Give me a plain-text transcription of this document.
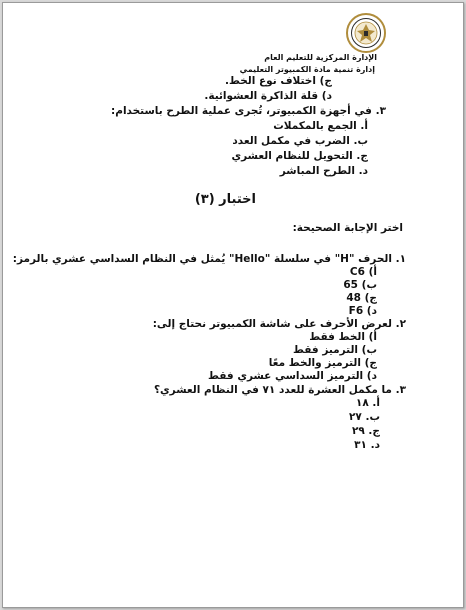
الإدارة المركزية للتعليم العام
إدارة تنمية مادة الكمبيوتر التعليمي
ج) اختلاف نوع الخط.
د) قلة الذاكرة العشوائية.
٣. في أجهزة الكمبيوتر، تُجرى عملية الطرح باستخدام:
أ. الجمع بالمكملات
ب. الضرب في مكمل العدد
ج. التحويل للنظام العشري
د. الطرح المباشر
اختبار (٣)
اختر الإجابة الصحيحة:
١. الحرف "H" في سلسلة "Hello" يُمثل في النظام السداسي عشري بالرمز:
أ) C6
ب) 65
ج) 48
د) F6
٢. لعرض الأحرف على شاشة الكمبيوتر نحتاج إلى:
أ) الخط فقط
ب) الترميز فقط
ج) الترميز والخط معًا
د) الترميز السداسي عشري فقط
٣. ما مكمل العشرة للعدد ٧١ في النظام العشري؟
أ. ١٨
ب. ٢٧
ج. ٢٩
د. ٣١
